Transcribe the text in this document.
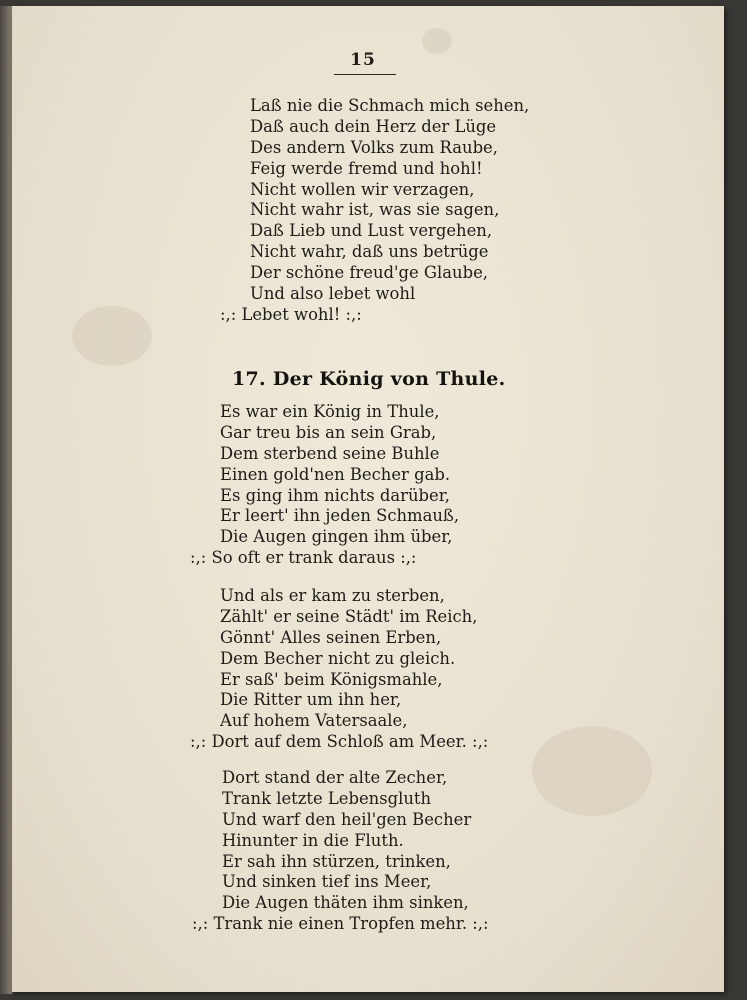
15
Laß nie die Schmach mich sehen,
Daß auch dein Herz der Lüge
Des andern Volks zum Raube,
Feig werde fremd und hohl!
Nicht wollen wir verzagen,
Nicht wahr ist, was sie sagen,
Daß Lieb und Lust vergehen,
Nicht wahr, daß uns betrüge
Der schöne freud'ge Glaube,
Und also lebet wohl
:,: Lebet wohl! :,:
17. Der König von Thule.
Es war ein König in Thule,
Gar treu bis an sein Grab,
Dem sterbend seine Buhle
Einen gold'nen Becher gab.
Es ging ihm nichts darüber,
Er leert' ihn jeden Schmauß,
Die Augen gingen ihm über,
:,: So oft er trank daraus :,:
Und als er kam zu sterben,
Zählt' er seine Städt' im Reich,
Gönnt' Alles seinen Erben,
Dem Becher nicht zu gleich.
Er saß' beim Königsmahle,
Die Ritter um ihn her,
Auf hohem Vatersaale,
:,: Dort auf dem Schloß am Meer. :,:
Dort stand der alte Zecher,
Trank letzte Lebensgluth
Und warf den heil'gen Becher
Hinunter in die Fluth.
Er sah ihn stürzen, trinken,
Und sinken tief ins Meer,
Die Augen thäten ihm sinken,
:,: Trank nie einen Tropfen mehr. :,:
